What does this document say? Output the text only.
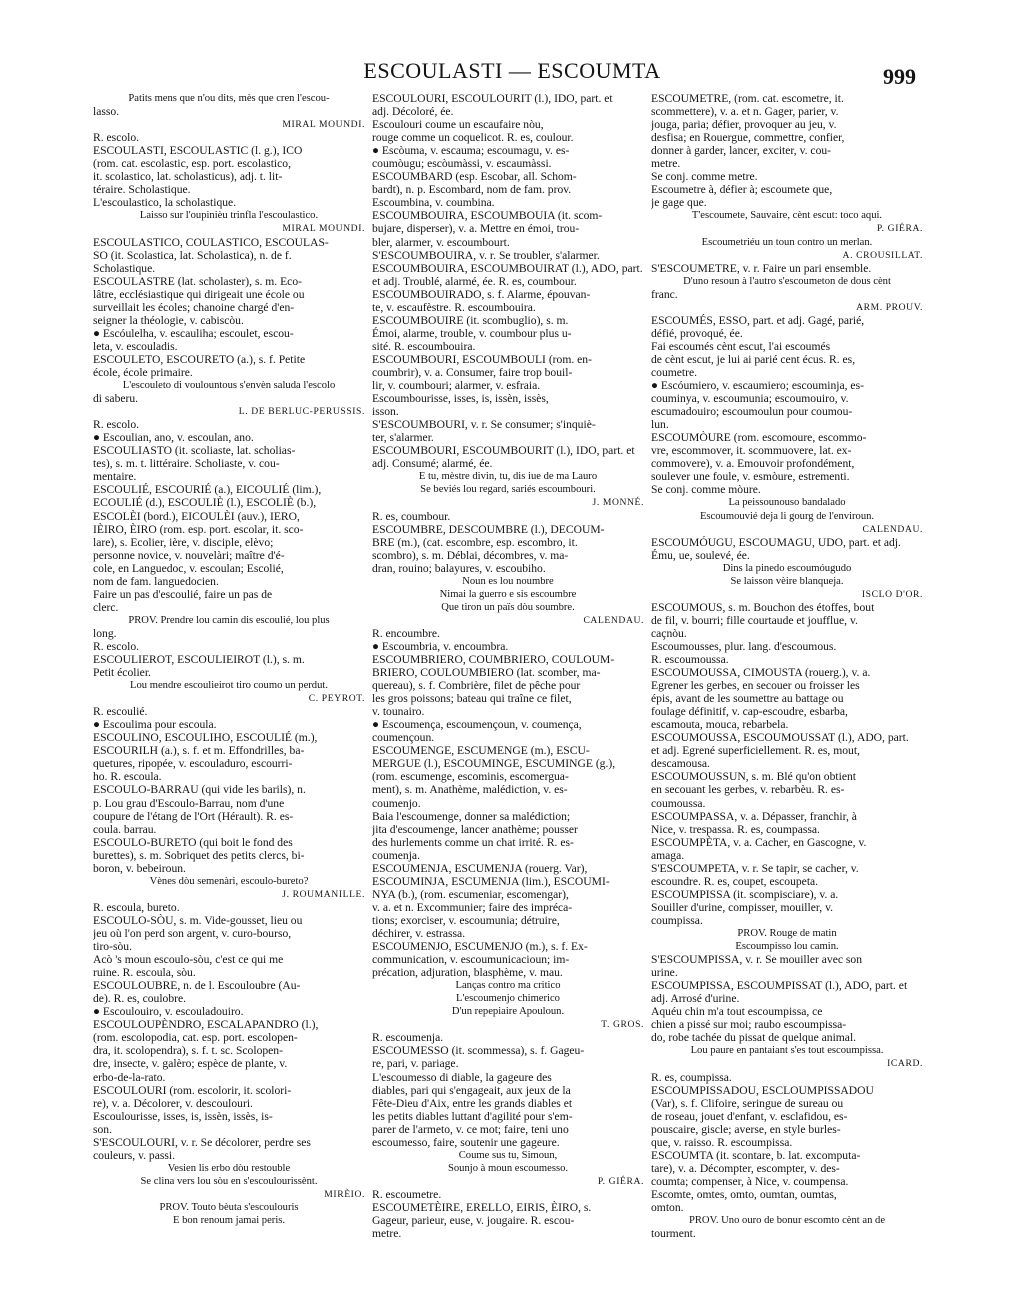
ESCOULASTI — ESCOUMTA	999
Patits mens que n'ou dits, mès que cren l'escou-
lasso.
MIRAL MOUNDI.
R. escolo.
ESCOULASTI, ESCOULASTIC (l. g.), ICO
(rom. cat. escolastic, esp. port. escolastico,
it. scolastico, lat. scholasticus), adj. t. lit-
téraire. Scholastique.
L'escoulastico, la scholastique.
Laisso sur l'oupinièu trinfla l'escoulastico.
MIRAL MOUNDI.
ESCOULASTICO, COULASTICO, ESCOULAS-
SO (it. Scolastica, lat. Scholastica), n. de f.
Scholastique.
ESCOULASTRE (lat. scholaster), s. m. Eco-
lâtre, ecclésiastique qui dirigeait une école ou
surveillait les écoles; chanoine chargé d'en-
seigner la théologie, v. cabiscòu.
● Escóulelha, v. escauliha; escoulet, escou-
leta, v. escouladis.
ESCOULETO, ESCOURETO (a.), s. f. Petite
école, école primaire.
L'escouleto di voulountous s'envèn saluda l'escolo
di saberu.
L. DE BERLUC-PERUSSIS.
R. escolo.
● Escoulian, ano, v. escoulan, ano.
ESCOULIASTO (it. scoliaste, lat. scholias-
tes), s. m. t. littéraire. Scholiaste, v. cou-
mentaire.
ESCOULIÉ, ESCOURIÉ (a.), EICOULIÉ (lim.),
ECOULIÉ (d.), ESCOULIÈ (l.), ESCOLIÈ (b.),
ESCOLÈI (bord.), EICOULÈI (auv.), IERO,
IÈIRO, ÈIRO (rom. esp. port. escolar, it. sco-
lare), s. Ecolier, ière, v. disciple, elèvo;
personne novice, v. nouvelàri; maître d'é-
cole, en Languedoc, v. escoulan; Escolié,
nom de fam. languedocien.
Faire un pas d'escoulié, faire un pas de
clerc.
PROV. Prendre lou camin dis escoulié, lou plus
long.
R. escolo.
ESCOULIEROT, ESCOULIEIROT (l.), s. m.
Petit écolier.
Lou mendre escoulieirot tiro coumo un perdut.
C. PEYROT.
R. escoulié.
● Escoulima pour escoula.
ESCOULINO, ESCOULIHO, ESCOULIÉ (m.),
ESCOURILH (a.), s. f. et m. Effondrilles, ba-
quetures, ripopée, v. escouladuro, escourri-
ho. R. escoula.
ESCOULO-BARRAU (qui vide les barils), n.
p. Lou grau d'Escoulo-Barrau, nom d'une
coupure de l'étang de l'Ort (Hérault). R. es-
coula. barrau.
ESCOULO-BURETO (qui boit le fond des
burettes), s. m. Sobriquet des petits clercs, bi-
boron, v. bebeiroun.
Vènes dòu semenàri, escoulo-bureto?
J. ROUMANILLE.
R. escoula, bureto.
ESCOULO-SÒU, s. m. Vide-gousset, lieu ou
jeu où l'on perd son argent, v. curo-bourso,
tiro-sòu.
Acò 's moun escoulo-sòu, c'est ce qui me
ruine. R. escoula, sòu.
ESCOULOUBRE, n. de l. Escouloubre (Au-
de). R. es, coulobre.
● Escoulouiro, v. escouladouiro.
ESCOULOUPÈNDRO, ESCALAPANDRO (l.),
(rom. escolopodia, cat. esp. port. escolopen-
dra, it. scolopendra), s. f. t. sc. Scolopen-
dre, insecte, v. galèro; espèce de plante, v.
erbo-de-la-rato.
ESCOULOURI (rom. escolorir, it. scolori-
re), v. a. Décolorer, v. descoulouri.
Escoulourisse, isses, is, issèn, issès, is-
son.
S'ESCOULOURI, v. r. Se décolorer, perdre ses
couleurs, v. passi.
Vesien lis erbo dòu restouble
Se clina vers lou sòu en s'escoulourissènt.
MIRÈIO.
PROV. Touto bèuta s'escoulouris
E bon renoum jamai peris.
ESCOULOURI, ESCOULOURIT (l.), IDO, part. et
adj. Décoloré, ée.
Escoulouri coume un escaufaire nòu,
rouge comme un coquelicot. R. es, coulour.
● Escòuma, v. escauma; escoumagu, v. es-
coumòugu; escòumàssi, v. escaumàssi.
ESCOUMBARD (esp. Escobar, all. Schom-
bardt), n. p. Escombard, nom de fam. prov.
Escoumbina, v. coumbina.
ESCOUMBOUIRA, ESCOUMBOUIA (it. scom-
bujare, disperser), v. a. Mettre en émoi, trou-
bler, alarmer, v. escoumbourt.
S'ESCOUMBOUIRA, v. r. Se troubler, s'alarmer.
ESCOUMBOUIRA, ESCOUMBOUIRAT (l.), ADO, part.
et adj. Troublé, alarmé, ée. R. es, coumbour.
ESCOUMBOUIRADO, s. f. Alarme, épouvan-
te, v. escaufèstre. R. escoumbouira.
ESCOUMBOUIRE (it. scombuglio), s. m.
Émoi, alarme, trouble, v. coumbour plus u-
sité. R. escoumbouira.
ESCOUMBOURI, ESCOUMBOULI (rom. en-
coumbrir), v. a. Consumer, faire trop bouil-
lir, v. coumbouri; alarmer, v. esfraia.
Escoumbourisse, isses, is, issèn, issès,
isson.
S'ESCOUMBOURI, v. r. Se consumer; s'inquiè-
ter, s'alarmer.
ESCOUMBOURI, ESCOUMBOURIT (l.), IDO, part. et
adj. Consumé; alarmé, ée.
E tu, mèstre divin, tu, dis iue de ma Lauro
Se beviés lou regard, sariés escoumbouri.
J. MONNÉ.
R. es, coumbour.
ESCOUMBRE, DESCOUMBRE (l.), DECOUM-
BRE (m.), (cat. escombre, esp. escombro, it.
scombro), s. m. Déblai, décombres, v. ma-
dran, rouino; balayures, v. escoubiho.
Noun es lou noumbre
Nimai la guerro e sis escoumbre
Que tiron un païs dòu soumbre.
CALENDAU.
R. encoumbre.
● Escoumbria, v. encoumbra.
ESCOUMBRIERO, COUMBRIERO, COULOUM-
BRIERO, COULOUMBIERO (lat. scomber, ma-
quereau), s. f. Combrière, filet de pêche pour
les gros poissons; bateau qui traîne ce filet,
v. tounairo.
● Escoumença, escoumençoun, v. coumença,
coumençoun.
ESCOUMENGE, ESCUMENGE (m.), ESCU-
MERGUE (l.), ESCOUMINGE, ESCUMINGE (g.),
(rom. escumenge, escominis, escomergua-
ment), s. m. Anathème, malédiction, v. es-
coumenjo.
Baia l'escoumenge, donner sa malédiction;
jita d'escoumenge, lancer anathème; pousser
des hurlements comme un chat irrité. R. es-
coumenja.
ESCOUMENJA, ESCUMENJA (rouerg. Var),
ESCOUMINJA, ESCUMENJA (lim.), ESCOUMI-
NYA (b.), (rom. escumeniar, escomengar),
v. a. et n. Excommunier; faire des impréca-
tions; exorciser, v. escoumunia; détruire,
déchirer, v. estrassa.
ESCOUMENJO, ESCUMENJO (m.), s. f. Ex-
communication, v. escoumunicacioun; im-
précation, adjuration, blasphème, v. mau.
Lanças contro ma critico
L'escoumenjo chimerico
D'un repepiaire Apouloun.
T. GROS.
R. escoumenja.
ESCOUMESSO (it. scommessa), s. f. Gageu-
re, pari, v. pariage.
L'escoumesso di diable, la gageure des
diables, pari qui s'engageait, aux jeux de la
Fête-Dieu d'Aix, entre les grands diables et
les petits diables luttant d'agilité pour s'em-
parer de l'armeto, v. ce mot; faire, teni uno
escoumesso, faire, soutenir une gageure.
Coume sus tu, Simoun,
Sounjo à moun escoumesso.
P. GIÉRA.
R. escoumetre.
ESCOUMETÈIRE, ERELLO, EIRIS, ÈIRO, s.
Gageur, parieur, euse, v. jougaire. R. escou-
metre.
ESCOUMETRE, (rom. cat. escometre, it.
scommettere), v. a. et n. Gager, parier, v.
jouga, paria; défier, provoquer au jeu, v.
desfisa; en Rouergue, commettre, confier,
donner à garder, lancer, exciter, v. cou-
metre.
Se conj. comme metre.
Escoumetre à, défier à; escoumete que,
je gage que.
T'escoumete, Sauvaire, cènt escut: toco aqui.
P. GIÉRA.
Escoumetriéu un toun contro un merlan.
A. CROUSILLAT.
S'ESCOUMETRE, v. r. Faire un pari ensemble.
D'uno resoun à l'autro s'escoumeton de dous cènt
franc.
ARM. PROUV.
ESCOUMÉS, ESSO, part. et adj. Gagé, parié,
défié, provoqué, ée.
Fai escoumés cènt escut, l'ai escoumés
de cènt escut, je lui ai parié cent écus. R. es,
coumetre.
● Escóumiero, v. escaumiero; escouminja, es-
couminya, v. escoumunia; escoumouiro, v.
escumadouiro; escoumoulun pour coumou-
lun.
ESCOUMÒURE (rom. escomoure, escommo-
vre, escommover, it. scommuovere, lat. ex-
commovere), v. a. Emouvoir profondément,
soulever une foule, v. esmòure, estrementi.
Se conj. comme mòure.
La peissounouso bandalado
Escoumouvié deja li gourg de l'enviroun.
CALENDAU.
ESCOUMÓUGU, ESCOUMAGU, UDO, part. et adj.
Ému, ue, soulevé, ée.
Dins la pinedo escoumóugudo
Se laisson vèire blanqueja.
ISCLO D'OR.
ESCOUMOUS, s. m. Bouchon des étoffes, bout
de fil, v. bourri; fille courtaude et joufflue, v.
caçnòu.
Escoumousses, plur. lang. d'escoumous.
R. escoumoussa.
ESCOUMOUSSA, CIMOUSTA (rouerg.), v. a.
Egrener les gerbes, en secouer ou froisser les
épis, avant de les soumettre au battage ou
foulage définitif, v. cap-escoudre, esbarba,
escamouta, mouca, rebarbela.
ESCOUMOUSSA, ESCOUMOUSSAT (l.), ADO, part.
et adj. Egrené superficiellement. R. es, mout,
descamousa.
ESCOUMOUSSUN, s. m. Blé qu'on obtient
en secouant les gerbes, v. rebarbèu. R. es-
coumoussa.
ESCOUMPASSA, v. a. Dépasser, franchir, à
Nice, v. trespassa. R. es, coumpassa.
ESCOUMPÈTA, v. a. Cacher, en Gascogne, v.
amaga.
S'ESCOUMPETA, v. r. Se tapir, se cacher, v.
escoundre. R. es, coupet, escoupeta.
ESCOUMPISSA (it. scompisciare), v. a.
Souiller d'urine, compisser, mouiller, v.
coumpissa.
PROV. Rouge de matin
Escoumpisso lou camin.
S'ESCOUMPISSA, v. r. Se mouiller avec son
urine.
ESCOUMPISSA, ESCOUMPISSAT (l.), ADO, part. et
adj. Arrosé d'urine.
Aquéu chin m'a tout escoumpissa, ce
chien a pissé sur moi; raubo escoumpissa-
do, robe tachée du pissat de quelque animal.
Lou paure en pantaiant s'es tout escoumpissa.
ICARD.
R. es, coumpissa.
ESCOUMPISSADOU, ESCLOUMPISSADOU
(Var), s. f. Clifoire, seringue de sureau ou
de roseau, jouet d'enfant, v. esclafidou, es-
pouscaire, giscle; averse, en style burles-
que, v. raisso. R. escoumpissa.
ESCOUMTA (it. scontare, b. lat. excomputa-
tare), v. a. Décompter, escompter, v. des-
coumta; compenser, à Nice, v. coumpensa.
Escomte, omtes, omto, oumtan, oumtas,
omton.
PROV. Uno ouro de bonur escomto cènt an de
tourment.
